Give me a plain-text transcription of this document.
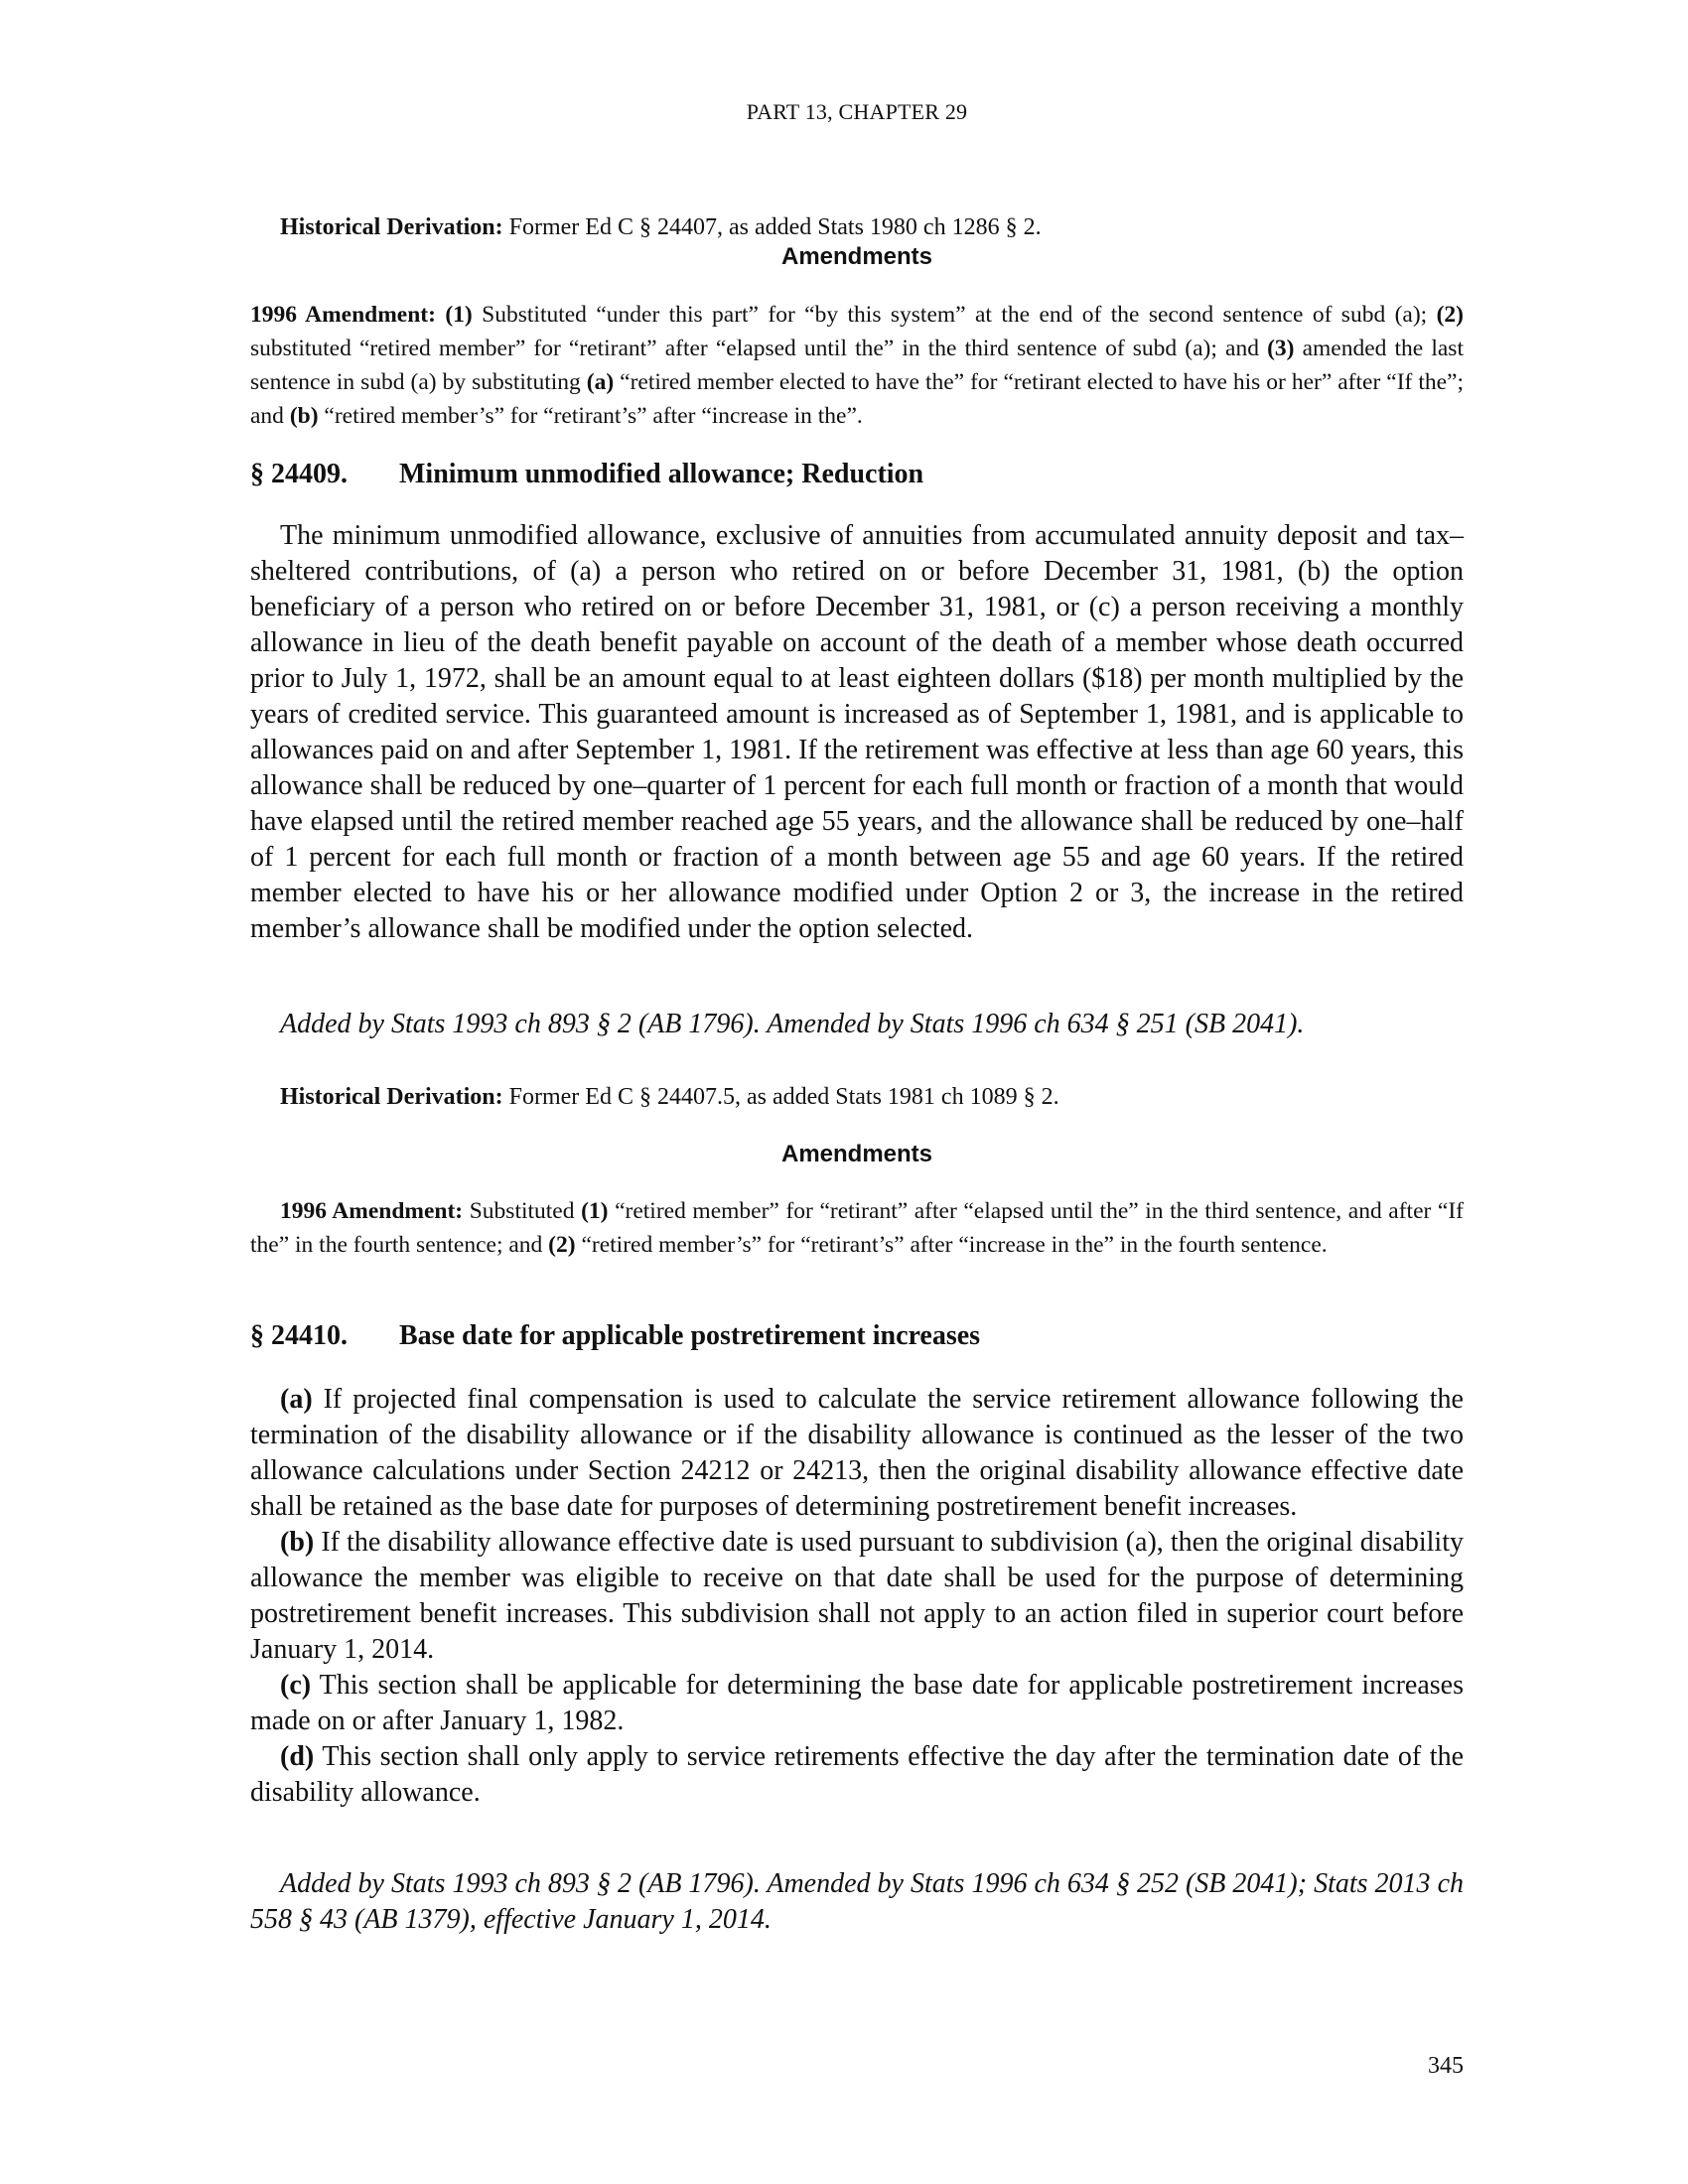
PART 13, CHAPTER 29

Historical Derivation: Former Ed C § 24407, as added Stats 1980 ch 1286 § 2.

Amendments

1996 Amendment: (1) Substituted “under this part” for “by this system” at the end of the second sentence of subd (a); (2) substituted “retired member” for “retirant” after “elapsed until the” in the third sentence of subd (a); and (3) amended the last sentence in subd (a) by substituting (a) “retired member elected to have the” for “retirant elected to have his or her” after “If the”; and (b) “retired member’s” for “retirant’s” after “increase in the”.

§ 24409.	Minimum unmodified allowance; Reduction

The minimum unmodified allowance, exclusive of annuities from accumulated annuity deposit and tax–sheltered contributions, of (a) a person who retired on or before December 31, 1981, (b) the option beneficiary of a person who retired on or before December 31, 1981, or (c) a person receiving a monthly allowance in lieu of the death benefit payable on account of the death of a member whose death occurred prior to July 1, 1972, shall be an amount equal to at least eighteen dollars ($18) per month multiplied by the years of credited service. This guaranteed amount is increased as of September 1, 1981, and is applicable to allowances paid on and after September 1, 1981. If the retirement was effective at less than age 60 years, this allowance shall be reduced by one–quarter of 1 percent for each full month or fraction of a month that would have elapsed until the retired member reached age 55 years, and the allowance shall be reduced by one–half of 1 percent for each full month or fraction of a month between age 55 and age 60 years. If the retired member elected to have his or her allowance modified under Option 2 or 3, the increase in the retired member’s allowance shall be modified under the option selected.

Added by Stats 1993 ch 893 § 2 (AB 1796). Amended by Stats 1996 ch 634 § 251 (SB 2041).

Historical Derivation: Former Ed C § 24407.5, as added Stats 1981 ch 1089 § 2.

Amendments

1996 Amendment: Substituted (1) “retired member” for “retirant” after “elapsed until the” in the third sentence, and after “If the” in the fourth sentence; and (2) “retired member’s” for “retirant’s” after “increase in the” in the fourth sentence.

§ 24410.	Base date for applicable postretirement increases

(a) If projected final compensation is used to calculate the service retirement allowance following the termination of the disability allowance or if the disability allowance is continued as the lesser of the two allowance calculations under Section 24212 or 24213, then the original disability allowance effective date shall be retained as the base date for purposes of determining postretirement benefit increases.

(b) If the disability allowance effective date is used pursuant to subdivision (a), then the original disability allowance the member was eligible to receive on that date shall be used for the purpose of determining postretirement benefit increases. This subdivision shall not apply to an action filed in superior court before January 1, 2014.

(c) This section shall be applicable for determining the base date for applicable postretirement increases made on or after January 1, 1982.

(d) This section shall only apply to service retirements effective the day after the termination date of the disability allowance.

Added by Stats 1993 ch 893 § 2 (AB 1796). Amended by Stats 1996 ch 634 § 252 (SB 2041); Stats 2013 ch 558 § 43 (AB 1379), effective January 1, 2014.

345
